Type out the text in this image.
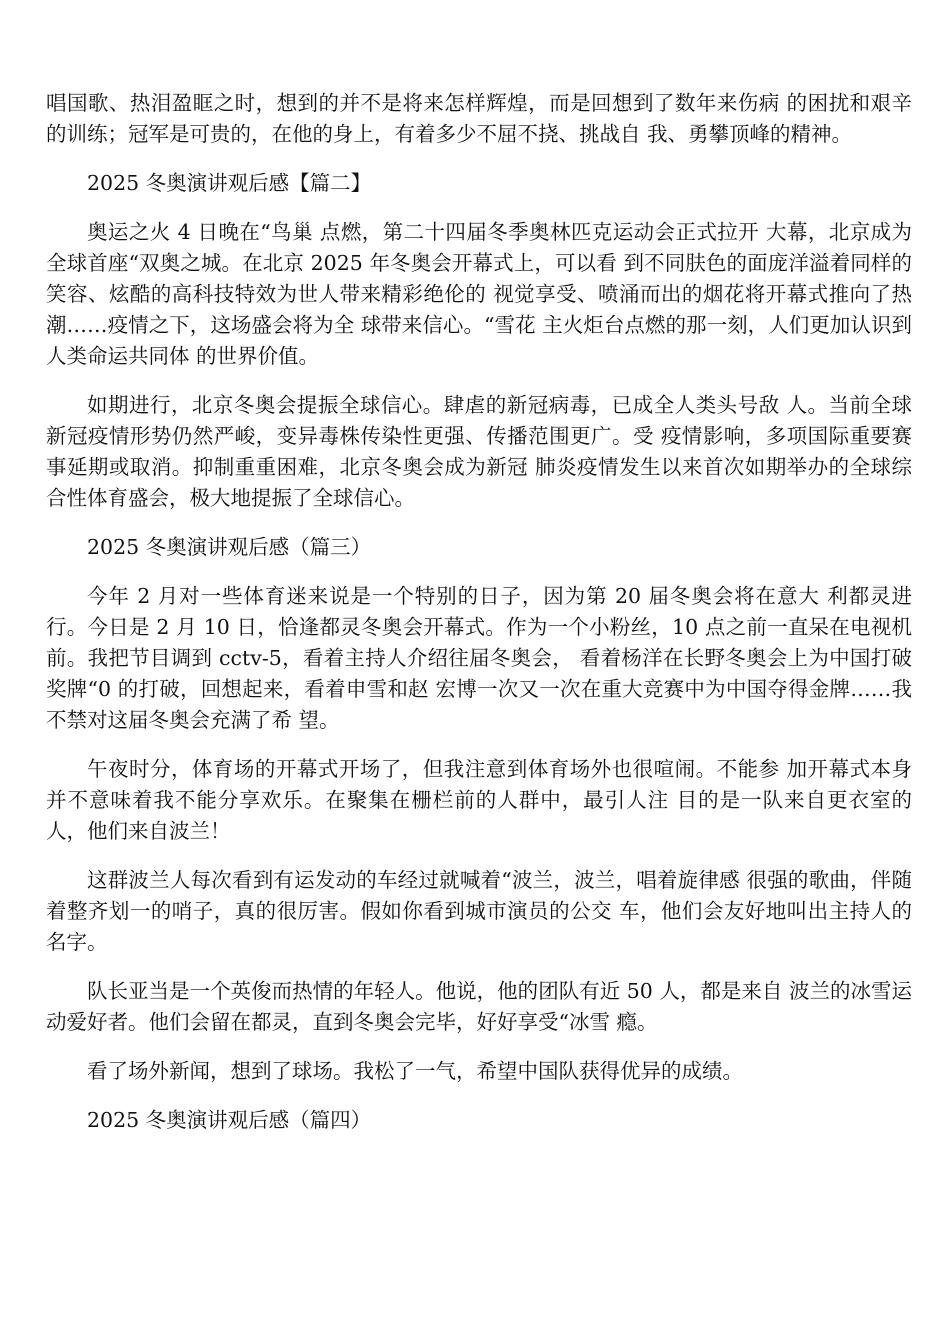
唱国歌、热泪盈眶之时，想到的并不是将来怎样辉煌，而是回想到了数年来伤病 的困扰和艰辛的训练；冠军是可贵的，在他的身上，有着多少不屈不挠、挑战自 我、勇攀顶峰的精神。

2025 冬奥演讲观后感【篇二】

奥运之火 4 日晚在“鸟巢 点燃，第二十四届冬季奥林匹克运动会正式拉开 大幕，北京成为全球首座“双奥之城。在北京 2025 年冬奥会开幕式上，可以看 到不同肤色的面庞洋溢着同样的笑容、炫酷的高科技特效为世人带来精彩绝伦的 视觉享受、喷涌而出的烟花将开幕式推向了热潮……疫情之下，这场盛会将为全 球带来信心。“雪花 主火炬台点燃的那一刻，人们更加认识到人类命运共同体 的世界价值。

如期进行，北京冬奥会提振全球信心。肆虐的新冠病毒，已成全人类头号敌 人。当前全球新冠疫情形势仍然严峻，变异毒株传染性更强、传播范围更广。受 疫情影响，多项国际重要赛事延期或取消。抑制重重困难，北京冬奥会成为新冠 肺炎疫情发生以来首次如期举办的全球综合性体育盛会，极大地提振了全球信心。

2025 冬奥演讲观后感（篇三）

今年 2 月对一些体育迷来说是一个特别的日子，因为第 20 届冬奥会将在意大 利都灵进行。今日是 2 月 10 日，恰逢都灵冬奥会开幕式。作为一个小粉丝，10 点之前一直呆在电视机前。我把节目调到 cctv-5，看着主持人介绍往届冬奥会， 看着杨洋在长野冬奥会上为中国打破奖牌“0 的打破，回想起来，看着申雪和赵 宏博一次又一次在重大竞赛中为中国夺得金牌……我不禁对这届冬奥会充满了希 望。

午夜时分，体育场的开幕式开场了，但我注意到体育场外也很喧闹。不能参 加开幕式本身并不意味着我不能分享欢乐。在聚集在栅栏前的人群中，最引人注 目的是一队来自更衣室的人，他们来自波兰！

这群波兰人每次看到有运发动的车经过就喊着“波兰，波兰，唱着旋律感 很强的歌曲，伴随着整齐划一的哨子，真的很厉害。假如你看到城市演员的公交 车，他们会友好地叫出主持人的名字。

队长亚当是一个英俊而热情的年轻人。他说，他的团队有近 50 人，都是来自 波兰的冰雪运动爱好者。他们会留在都灵，直到冬奥会完毕，好好享受“冰雪 瘾。

看了场外新闻，想到了球场。我松了一气，希望中国队获得优异的成绩。

2025 冬奥演讲观后感（篇四）
